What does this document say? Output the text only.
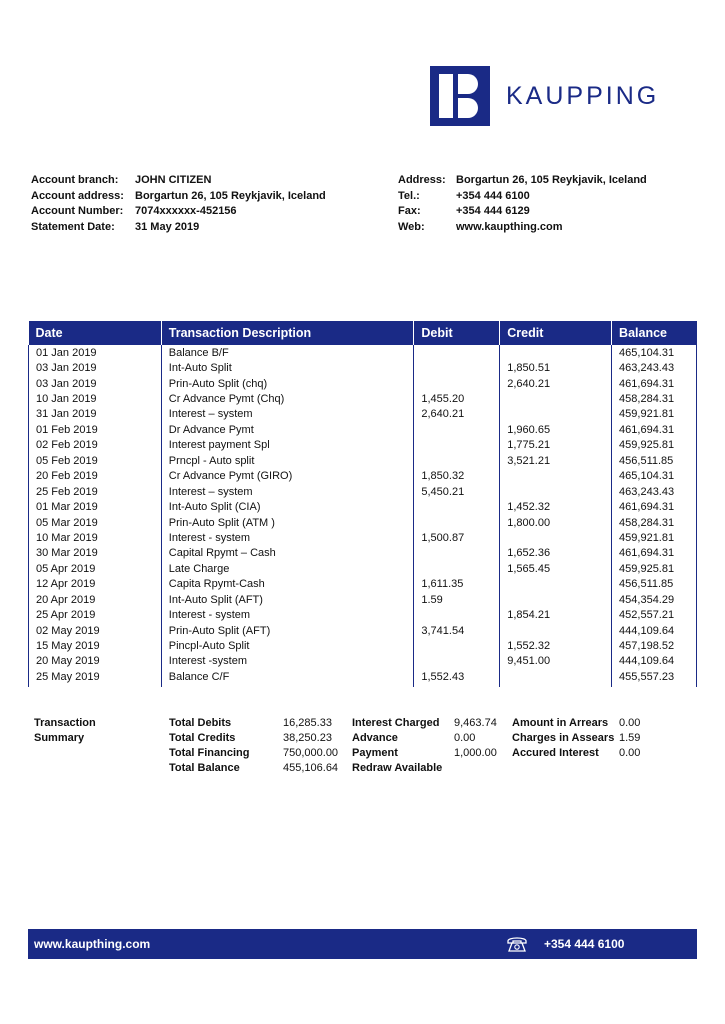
KAUPPING
Account branch:	JOHN CITIZEN
Account address:	Borgartun 26, 105 Reykjavik, Iceland
Account Number:	7074xxxxxx-452156
Statement Date:	31 May 2019
Address: Borgartun 26, 105 Reykjavik, Iceland
Tel.:	+354 444 6100
Fax:	+354 444 6129
Web:	www.kaupthing.com
Date	Transaction Description	Debit	Credit	Balance
01 Jan 2019	Balance B/F			465,104.31
03 Jan 2019	Int-Auto Split		1,850.51	463,243.43
03 Jan 2019	Prin-Auto Split (chq)		2,640.21	461,694.31
10 Jan 2019	Cr Advance Pymt (Chq)	1,455.20		458,284.31
31 Jan 2019	Interest – system	2,640.21		459,921.81
01 Feb 2019	Dr Advance Pymt		1,960.65	461,694.31
02 Feb 2019	Interest payment Spl		1,775.21	459,925.81
05 Feb 2019	Prncpl - Auto split		3,521.21	456,511.85
20 Feb 2019	Cr Advance Pymt (GIRO)	1,850.32		465,104.31
25 Feb 2019	Interest – system	5,450.21		463,243.43
01 Mar 2019	Int-Auto Split (CIA)		1,452.32	461,694.31
05 Mar 2019	Prin-Auto Split (ATM )		1,800.00	458,284.31
10 Mar 2019	Interest - system	1,500.87		459,921.81
30 Mar 2019	Capital Rpymt – Cash		1,652.36	461,694.31
05 Apr 2019	Late Charge		1,565.45	459,925.81
12 Apr 2019	Capita Rpymt-Cash	1,611.35		456,511.85
20 Apr 2019	Int-Auto Split (AFT)	1.59		454,354.29
25 Apr 2019	Interest - system		1,854.21	452,557.21
02 May 2019	Prin-Auto Split (AFT)	3,741.54		444,109.64
15 May 2019	Pincpl-Auto Split		1,552.32	457,198.52
20 May 2019	Interest -system		9,451.00	444,109.64
25 May 2019	Balance C/F	1,552.43		455,557.23
Transaction
Summary
Total Debits	16,285.33
Total Credits	38,250.23
Total Financing	750,000.00
Total Balance	455,106.64
Interest Charged 9,463.74
Advance	0.00
Payment	1,000.00
Redraw Available
Amount in Arrears 0.00
Charges in Assears 1.59
Accured Interest 0.00
www.kaupthing.com	+354 444 6100
